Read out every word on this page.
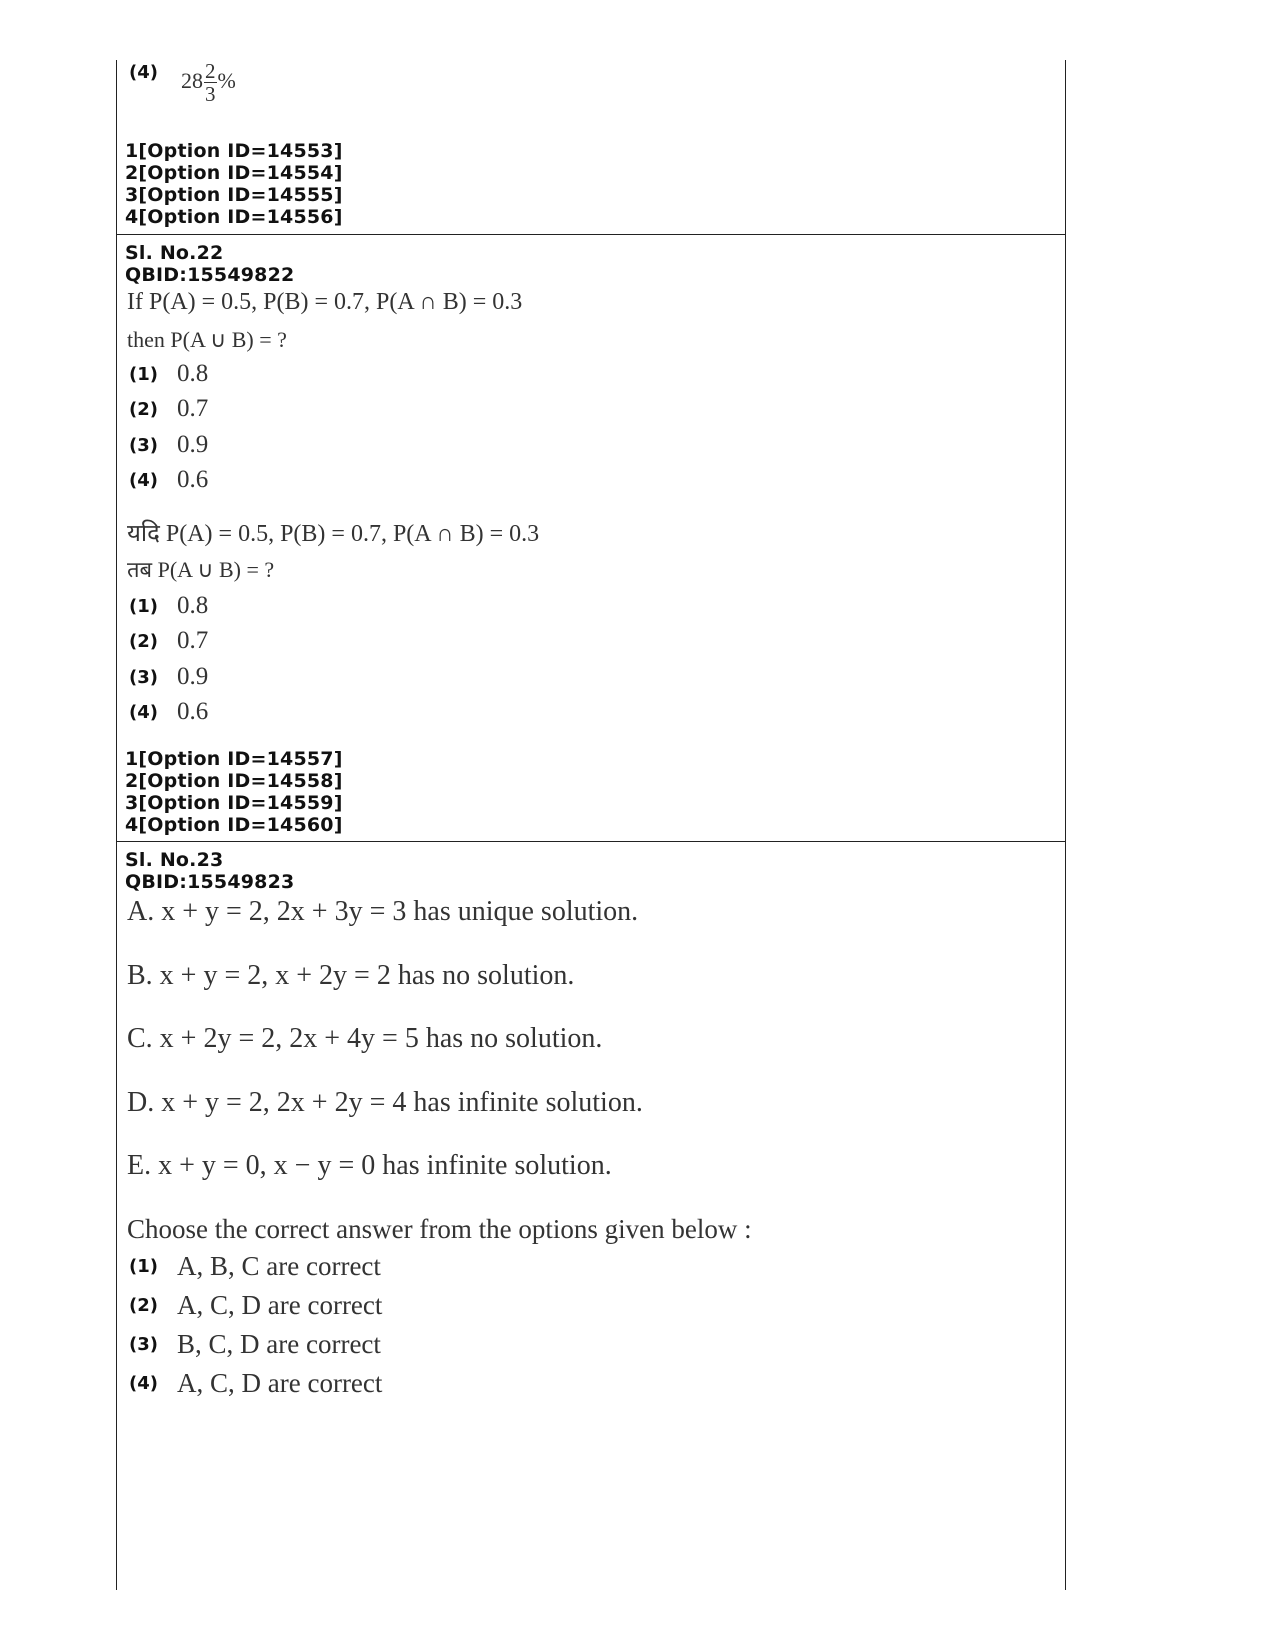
(4) $28 \frac{2}{3}$ %
1[Option ID=14553]
2[Option ID=14554]
3[Option ID=14555]
4[Option ID=14556]
Sl. No.22
QBID:15549822
If P(A) = 0.5, P(B) = 0.7, P(A ∩ B) = 0.3
then P(A ∪ B) = ?
(1) 0.8
(2) 0.7
(3) 0.9
(4) 0.6
यदि P(A) = 0.5, P(B) = 0.7, P(A ∩ B) = 0.3
तब P(A ∪ B) = ?
(1) 0.8
(2) 0.7
(3) 0.9
(4) 0.6
1[Option ID=14557]
2[Option ID=14558]
3[Option ID=14559]
4[Option ID=14560]
Sl. No.23
QBID:15549823
A. x + y = 2, 2x + 3y = 3 has unique solution.
B. x + y = 2, x + 2y = 2 has no solution.
C. x + 2y = 2, 2x + 4y = 5 has no solution.
D. x + y = 2, 2x + 2y = 4 has infinite solution.
E. x + y = 0, x − y = 0 has infinite solution.
Choose the correct answer from the options given below :
(1) A, B, C are correct
(2) A, C, D are correct
(3) B, C, D are correct
(4) A, C, D are correct
